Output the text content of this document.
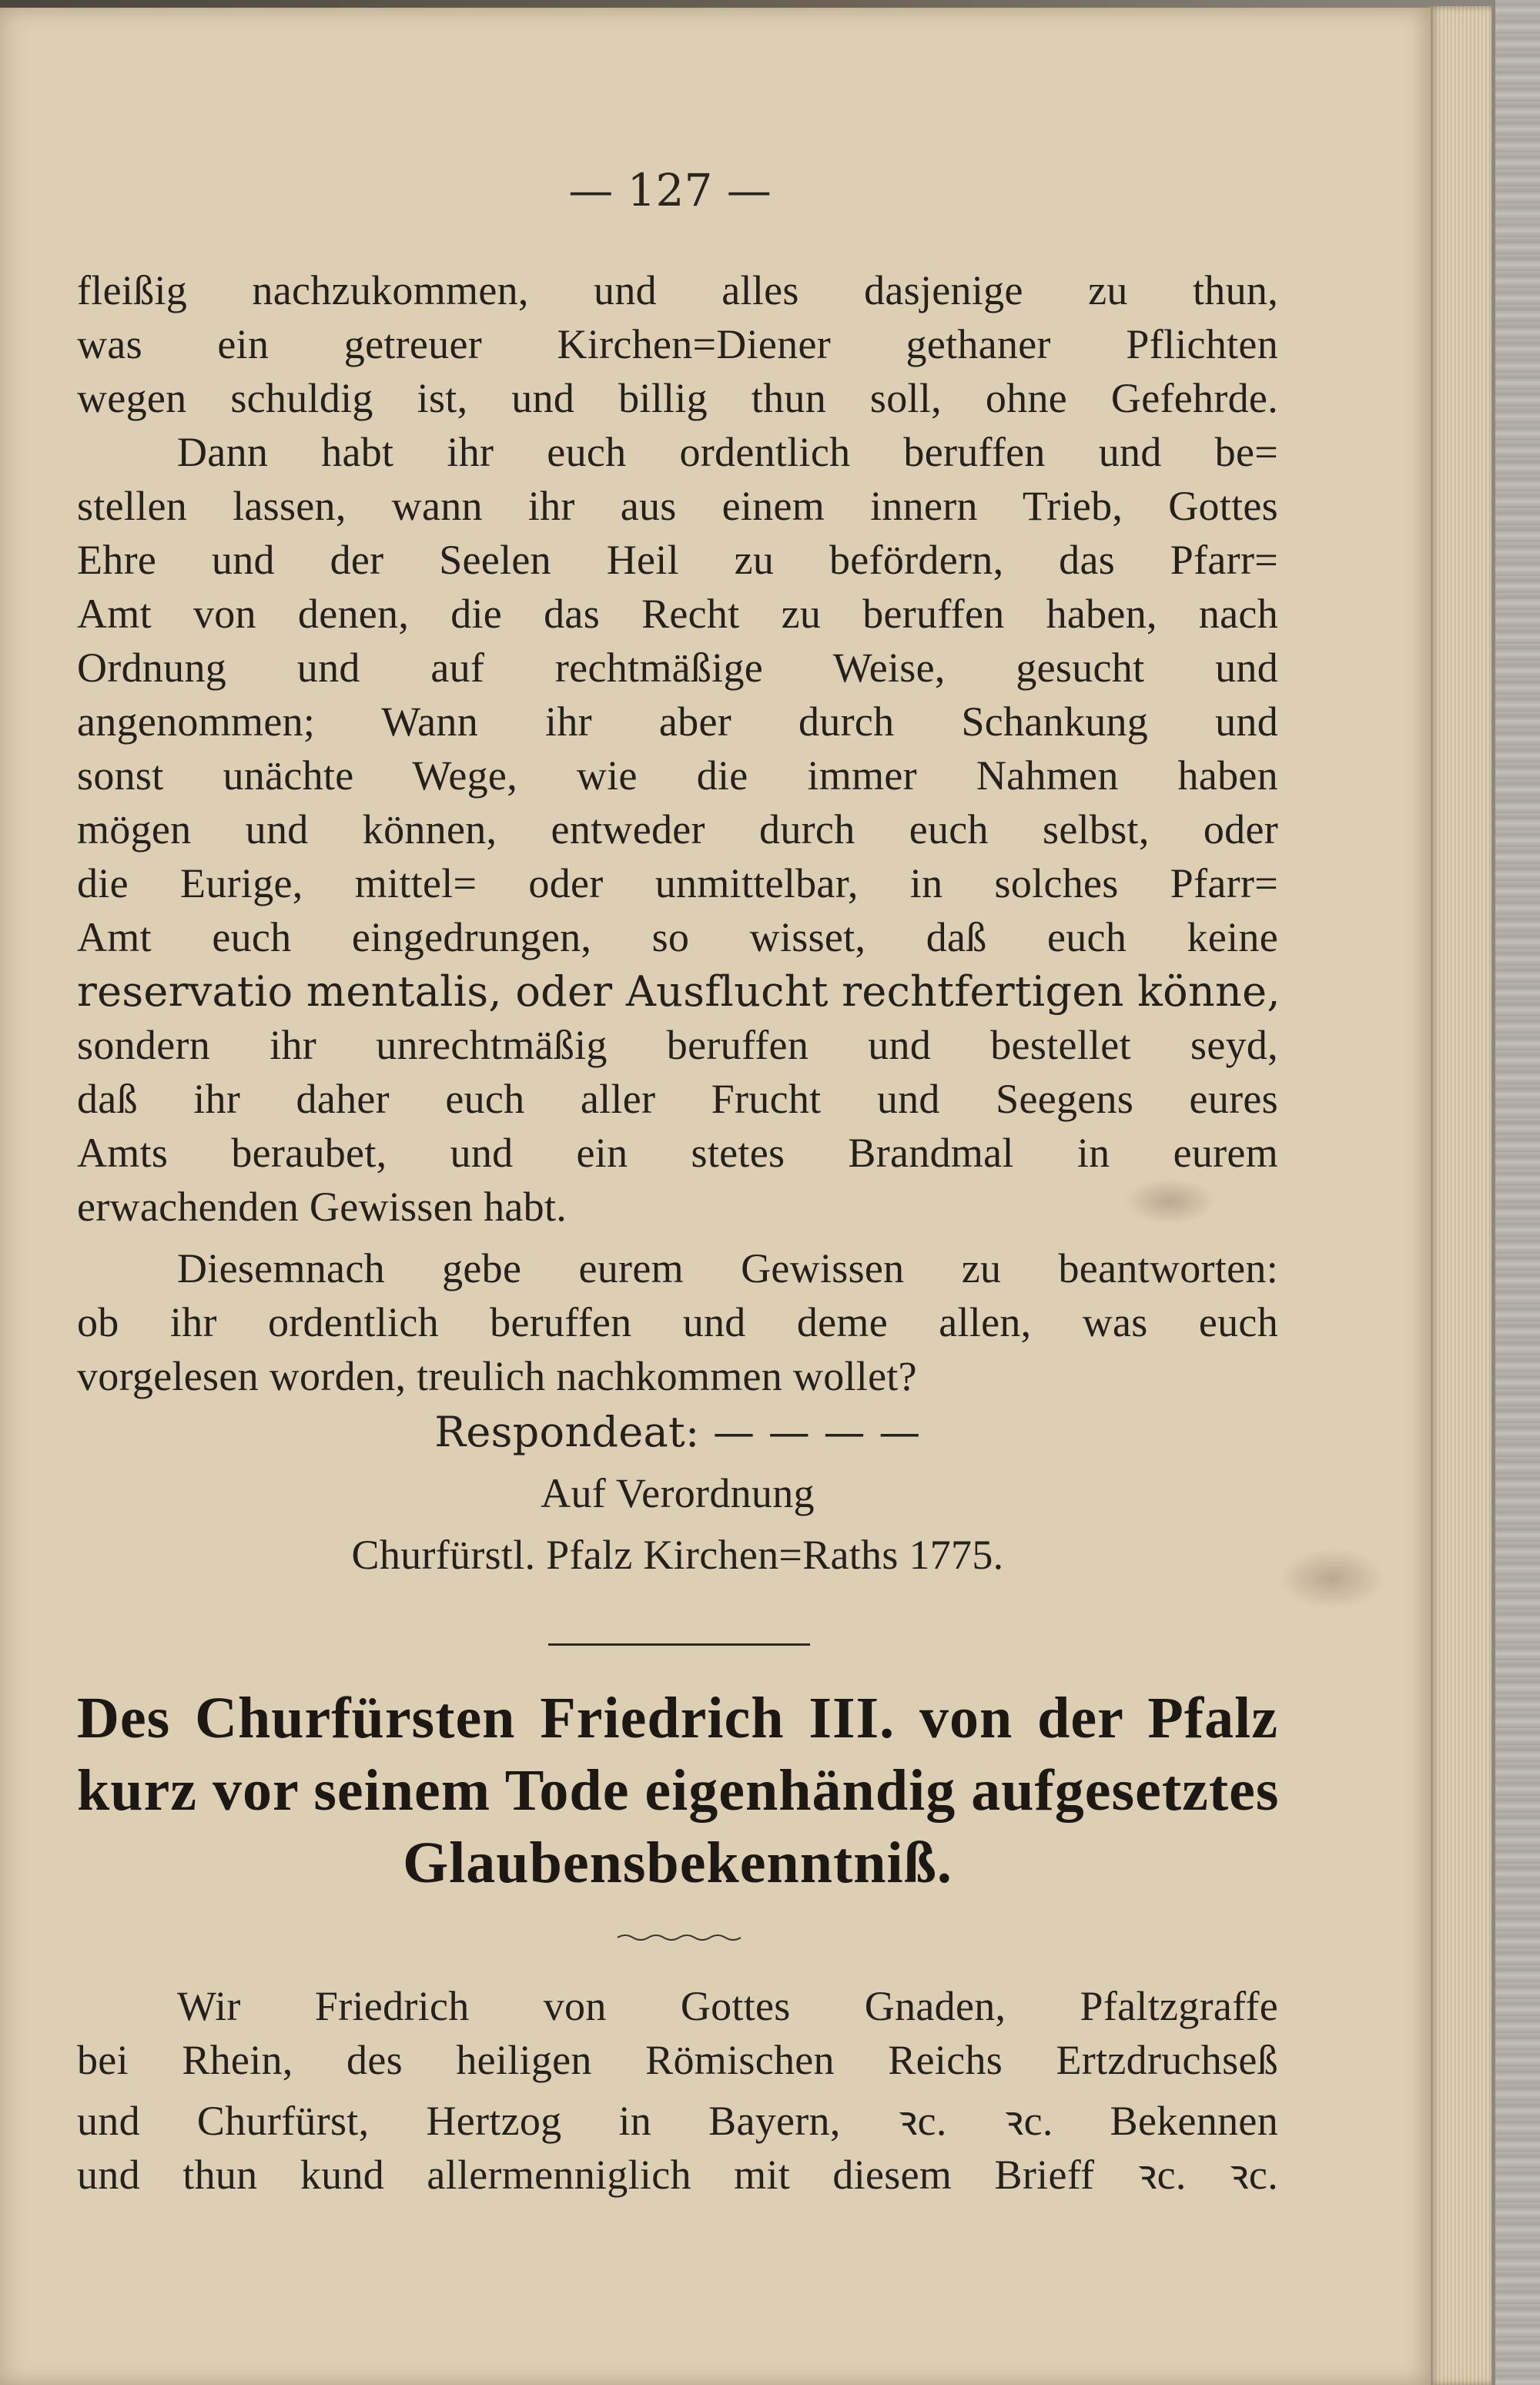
— 127 —
fleißig nachzukommen, und alles dasjenige zu thun,
was ein getreuer Kirchen=Diener gethaner Pflichten
wegen schuldig ist, und billig thun soll, ohne Gefehrde.
Dann habt ihr euch ordentlich beruffen und be=
stellen lassen, wann ihr aus einem innern Trieb, Gottes
Ehre und der Seelen Heil zu befördern, das Pfarr=
Amt von denen, die das Recht zu beruffen haben, nach
Ordnung und auf rechtmäßige Weise, gesucht und
angenommen; Wann ihr aber durch Schankung und
sonst unächte Wege, wie die immer Nahmen haben
mögen und können, entweder durch euch selbst, oder
die Eurige, mittel= oder unmittelbar, in solches Pfarr=
Amt euch eingedrungen, so wisset, daß euch keine
reservatio mentalis, oder Ausflucht rechtfertigen könne,
sondern ihr unrechtmäßig beruffen und bestellet seyd,
daß ihr daher euch aller Frucht und Seegens eures
Amts beraubet, und ein stetes Brandmal in eurem
erwachenden Gewissen habt.
Diesemnach gebe eurem Gewissen zu beantworten:
ob ihr ordentlich beruffen und deme allen, was euch
vorgelesen worden, treulich nachkommen wollet?
Respondeat: — — — —
Auf Verordnung
Churfürstl. Pfalz Kirchen=Raths 1775.
Des Churfürsten Friedrich III. von der Pfalz
kurz vor seinem Tode eigenhändig aufgesetztes
Glaubensbekenntniß.
Wir Friedrich von Gottes Gnaden, Pfaltzgraffe
bei Rhein, des heiligen Römischen Reichs Ertzdruchseß
und Churfürst, Hertzog in Bayern, ꝛc. ꝛc. Bekennen
und thun kund allermenniglich mit diesem Brieff ꝛc. ꝛc.
